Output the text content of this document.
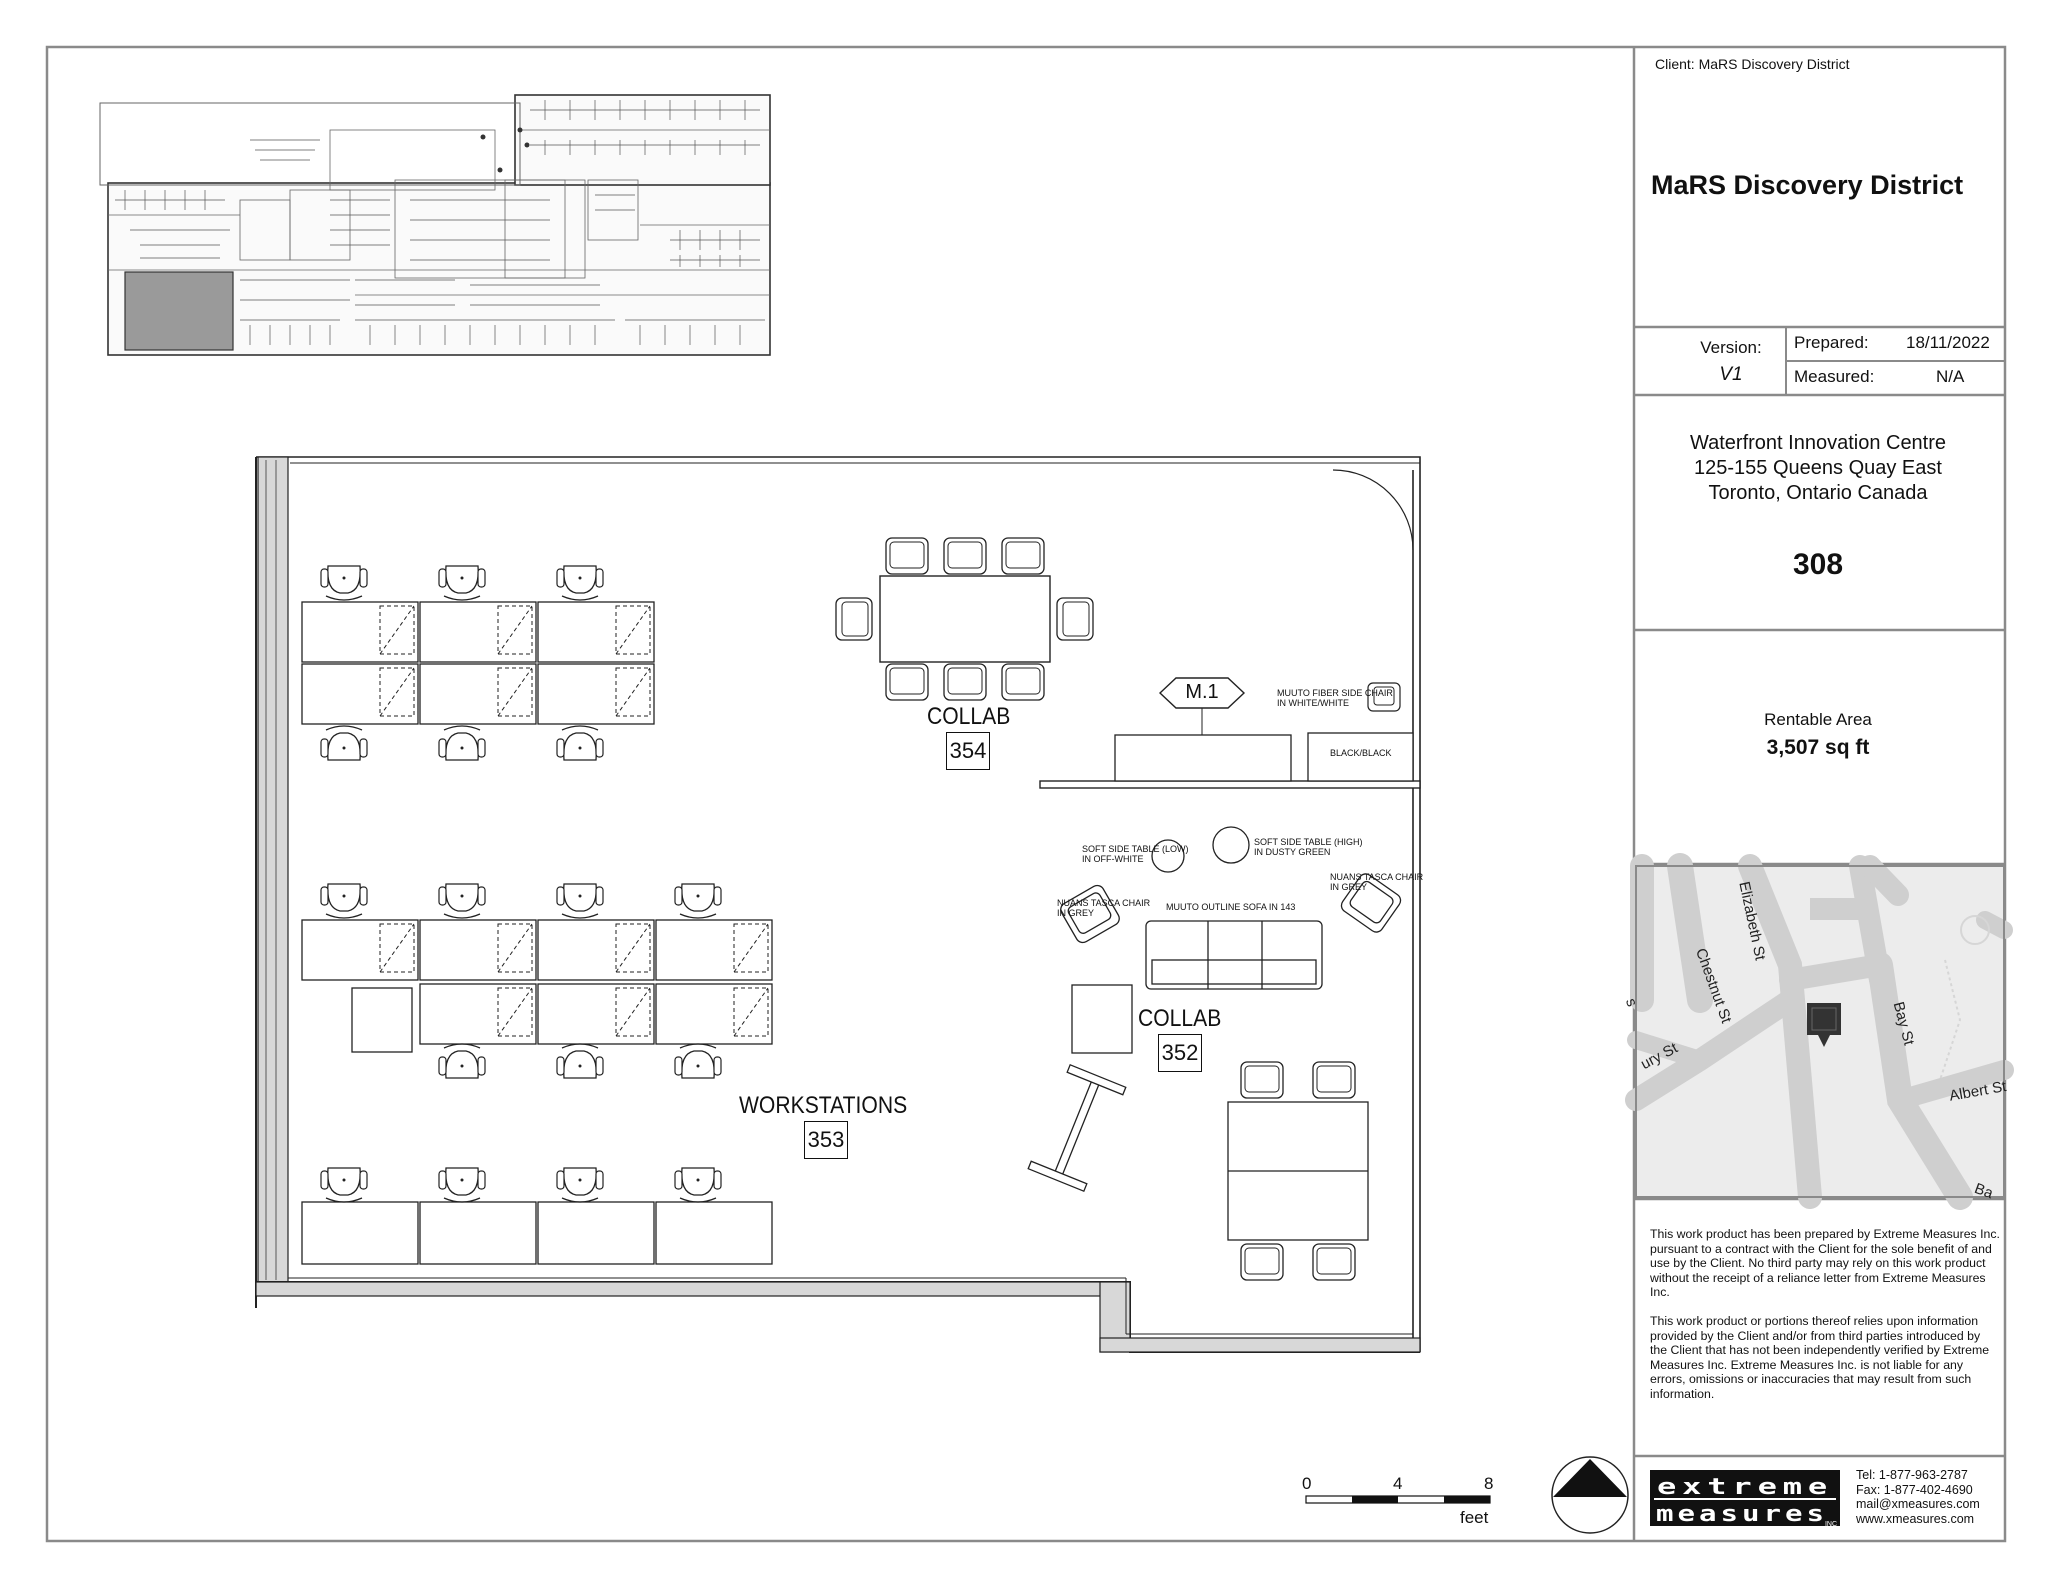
extreme
measures
INC
Client: MaRS Discovery District
MaRS Discovery District
Version:
V1
Prepared: 18/11/2022
Measured:	N/A
Waterfront Innovation Centre
125-155 Queens Quay East
Toronto, Ontario Canada
308
Rentable Area
3,507 sq ft

This work product has been prepared by Extreme Measures Inc. pursuant to a contract with the Client for the sole benefit of and use by the Client. No third party may rely on this work product without the receipt of a reliance letter from Extreme Measures Inc.

This work product or portions thereof relies upon information provided by the Client and/or from third parties introduced by the Client that has not been independently verified by Extreme Measures Inc. Extreme Measures Inc. is not liable for any errors, omissions or inaccuracies that may result from such information.

Tel: 1-877-963-2787
Fax: 1-877-402-4690
mail@xmeasures.com
www.xmeasures.com
Elizabeth St
Chestnut St	Bay St
Albert St
ury St
Ba
s
COLLAB
354
COLLAB
352
WORKSTATIONS
353
M.1	MUUTO FIBER SIDE CHAIR
IN WHITE/WHITE
BLACK/BLACK
SOFT SIDE TABLE (LOW)
IN OFF-WHITE
SOFT SIDE TABLE (HIGH)
IN DUSTY GREEN
NUANS TASCA CHAIR
IN GREY
NUANS TASCA CHAIR
IN GREY
MUUTO OUTLINE SOFA IN 143
0	4	8
feet
